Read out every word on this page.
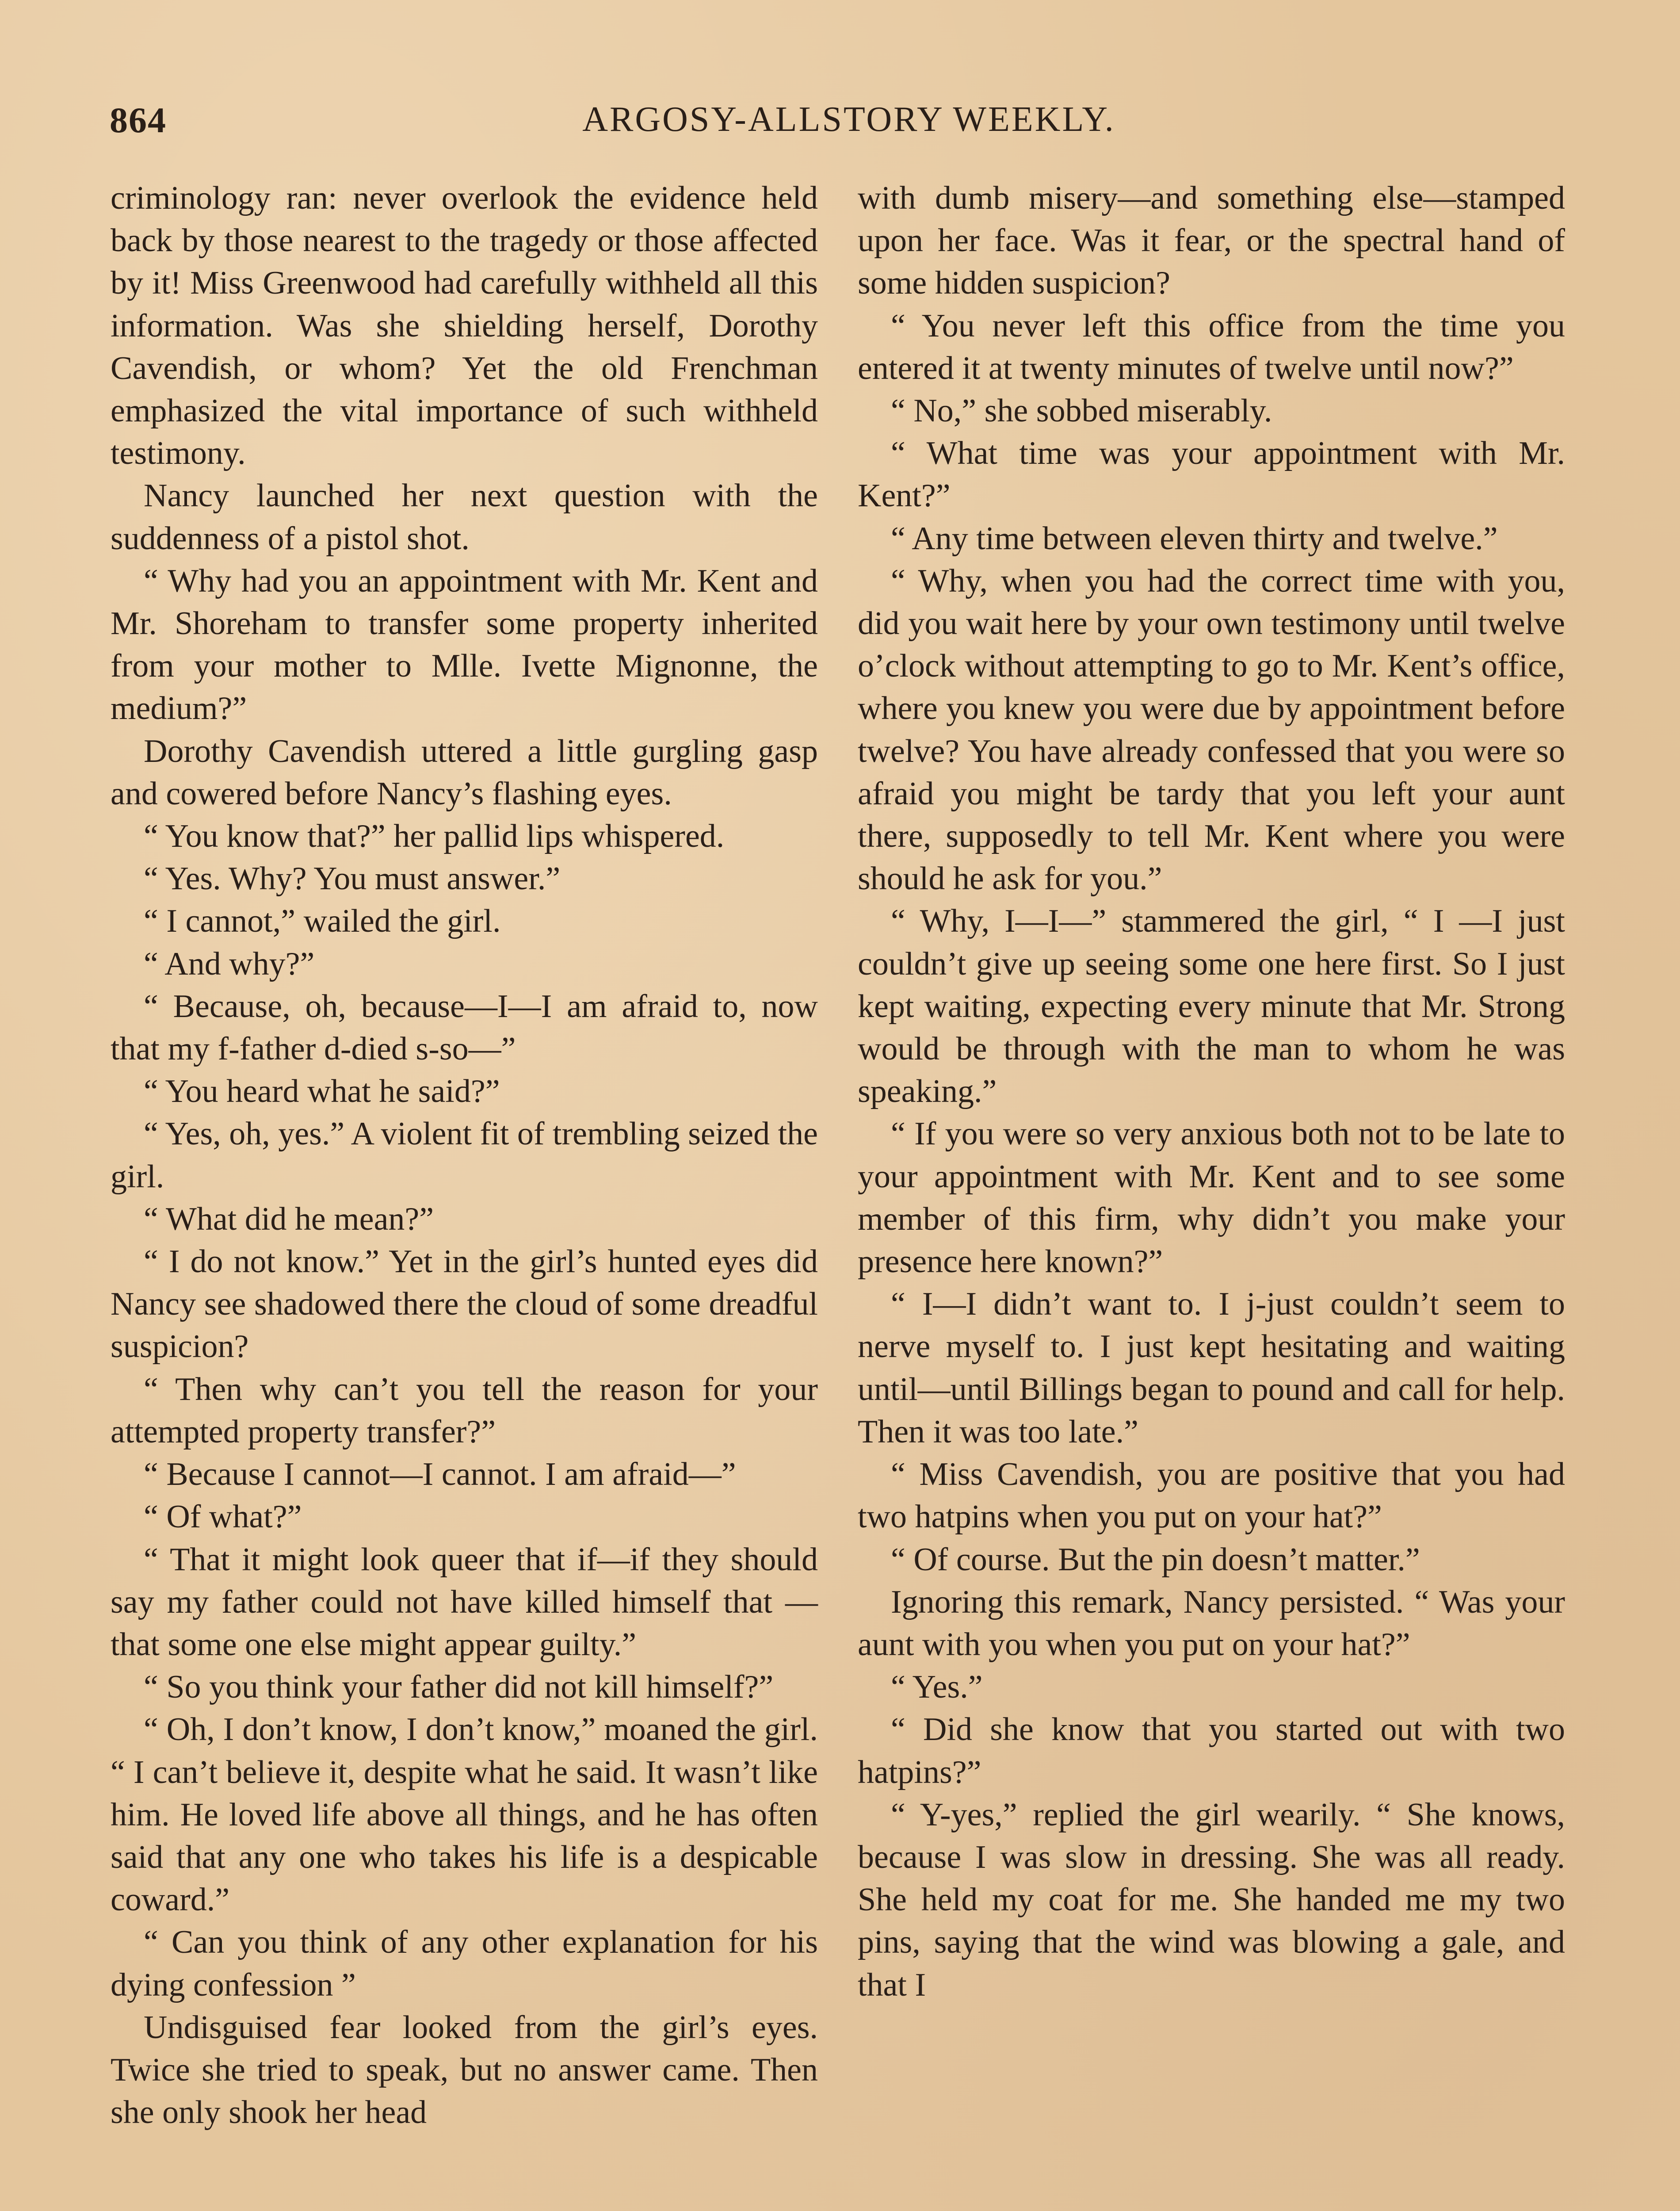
864	ARGOSY-ALLSTORY WEEKLY.

criminology ran: never overlook the evidence held back by those nearest to the tragedy or those affected by it! Miss Greenwood had carefully withheld all this information. Was she shielding herself, Dorothy Cavendish, or whom? Yet the old Frenchman emphasized the vital importance of such withheld testimony.

Nancy launched her next question with the suddenness of a pistol shot.

“ Why had you an appointment with Mr. Kent and Mr. Shoreham to transfer some property inherited from your mother to Mlle. Ivette Mignonne, the medium?”

Dorothy Cavendish uttered a little gurgling gasp and cowered before Nancy’s flashing eyes.

“ You know that?” her pallid lips whispered.

“ Yes. Why? You must answer.”

“ I cannot,” wailed the girl.

“ And why?”

“ Because, oh, because—I—I am afraid to, now that my f-father d-died s-so—”

“ You heard what he said?”

“ Yes, oh, yes.” A violent fit of trembling seized the girl.

“ What did he mean?”

“ I do not know.” Yet in the girl’s hunted eyes did Nancy see shadowed there the cloud of some dreadful suspicion?

“ Then why can’t you tell the reason for your attempted property transfer?”

“ Because I cannot—I cannot. I am afraid—”

“ Of what?”

“ That it might look queer that if—if they should say my father could not have killed himself that — that some one else might appear guilty.”

“ So you think your father did not kill himself?”

“ Oh, I don’t know, I don’t know,” moaned the girl. “ I can’t believe it, despite what he said. It wasn’t like him. He loved life above all things, and he has often said that any one who takes his life is a despicable coward.”

“ Can you think of any other explanation for his dying confession ”

Undisguised fear looked from the girl’s eyes. Twice she tried to speak, but no answer came. Then she only shook her head

with dumb misery—and something else—stamped upon her face. Was it fear, or the spectral hand of some hidden suspicion?

“ You never left this office from the time you entered it at twenty minutes of twelve until now?”

“ No,” she sobbed miserably.

“ What time was your appointment with Mr. Kent?”

“ Any time between eleven thirty and twelve.”

“ Why, when you had the correct time with you, did you wait here by your own testimony until twelve o’clock without attempting to go to Mr. Kent’s office, where you knew you were due by appointment before twelve? You have already confessed that you were so afraid you might be tardy that you left your aunt there, supposedly to tell Mr. Kent where you were should he ask for you.”

“ Why, I—I—” stammered the girl, “ I —I just couldn’t give up seeing some one here first. So I just kept waiting, expecting every minute that Mr. Strong would be through with the man to whom he was speaking.”

“ If you were so very anxious both not to be late to your appointment with Mr. Kent and to see some member of this firm, why didn’t you make your presence here known?”

“ I—I didn’t want to. I j-just couldn’t seem to nerve myself to. I just kept hesitating and waiting until—until Billings began to pound and call for help. Then it was too late.”

“ Miss Cavendish, you are positive that you had two hatpins when you put on your hat?”

“ Of course. But the pin doesn’t matter.”

Ignoring this remark, Nancy persisted. “ Was your aunt with you when you put on your hat?”

“ Yes.”

“ Did she know that you started out with two hatpins?”

“ Y-yes,” replied the girl wearily. “ She knows, because I was slow in dressing. She was all ready. She held my coat for me. She handed me my two pins, saying that the wind was blowing a gale, and that I
